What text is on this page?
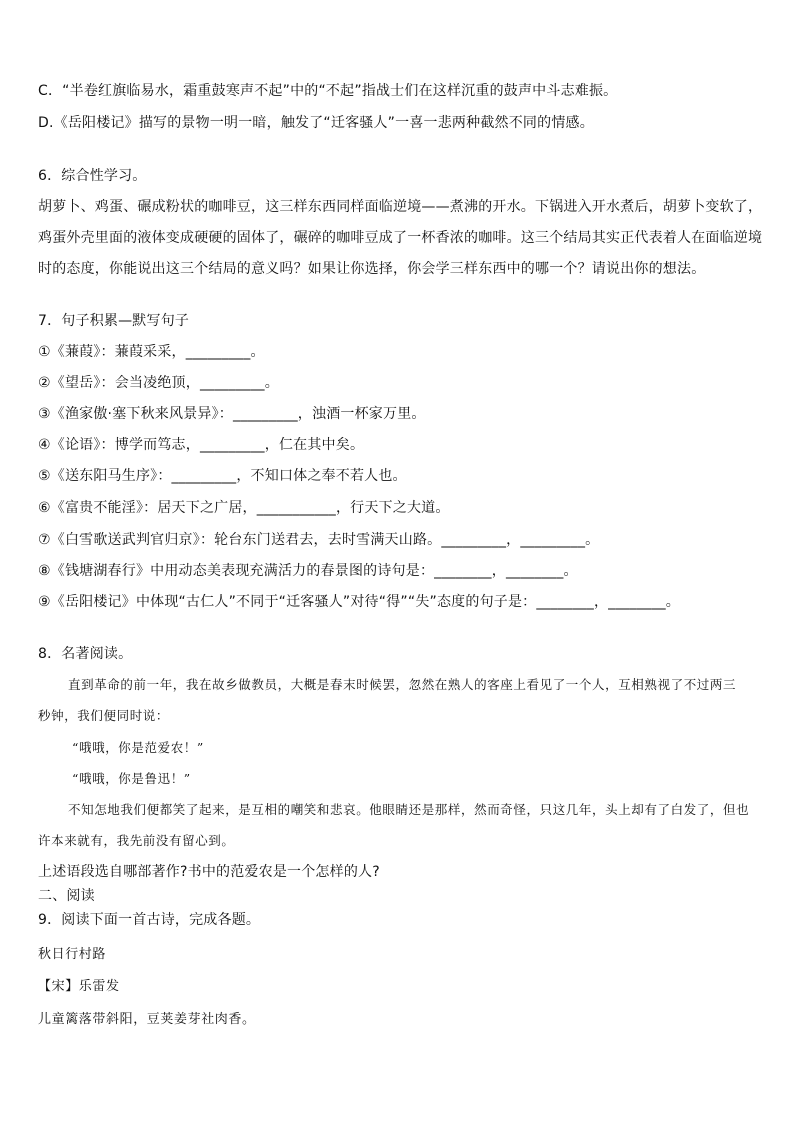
C．“半卷红旗临易水，霜重鼓寒声不起”中的“不起”指战士们在这样沉重的鼓声中斗志难振。
D.《岳阳楼记》描写的景物一明一暗，触发了“迁客骚人”一喜一悲两种截然不同的情感。
6．综合性学习。
胡萝卜、鸡蛋、碾成粉状的咖啡豆，这三样东西同样面临逆境——煮沸的开水。下锅进入开水煮后，胡萝卜变软了，
鸡蛋外壳里面的液体变成硬硬的固体了，碾碎的咖啡豆成了一杯香浓的咖啡。这三个结局其实正代表着人在面临逆境
时的态度，你能说出这三个结局的意义吗？如果让你选择，你会学三样东西中的哪一个？请说出你的想法。
7．句子积累—默写句子
①《蒹葭》：蒹葭采采，_________。
②《望岳》：会当凌绝顶，_________。
③《渔家傲·塞下秋来风景异》：_________，浊酒一杯家万里。
④《论语》：博学而笃志，_________，仁在其中矣。
⑤《送东阳马生序》：_________，不知口体之奉不若人也。
⑥《富贵不能淫》：居天下之广居，___________，行天下之大道。
⑦《白雪歌送武判官归京》：轮台东门送君去，去时雪满天山路。_________，_________。
⑧《钱塘湖春行》中用动态美表现充满活力的春景图的诗句是：________，________。
⑨《岳阳楼记》中体现“古仁人”不同于“迁客骚人”对待“得”“失”态度的句子是：________，________。
8．名著阅读。
直到革命的前一年，我在故乡做教员，大概是春末时候罢，忽然在熟人的客座上看见了一个人，互相熟视了不过两三
秒钟，我们便同时说：
“哦哦，你是范爱农！”
“哦哦，你是鲁迅！”
不知怎地我们便都笑了起来，是互相的嘲笑和悲哀。他眼睛还是那样，然而奇怪，只这几年，头上却有了白发了，但也
许本来就有，我先前没有留心到。
上述语段选自哪部著作?书中的范爱农是一个怎样的人?
二、阅读
9．阅读下面一首古诗，完成各题。
秋日行村路
【宋】乐雷发
儿童篱落带斜阳，豆荚姜芽社肉香。
